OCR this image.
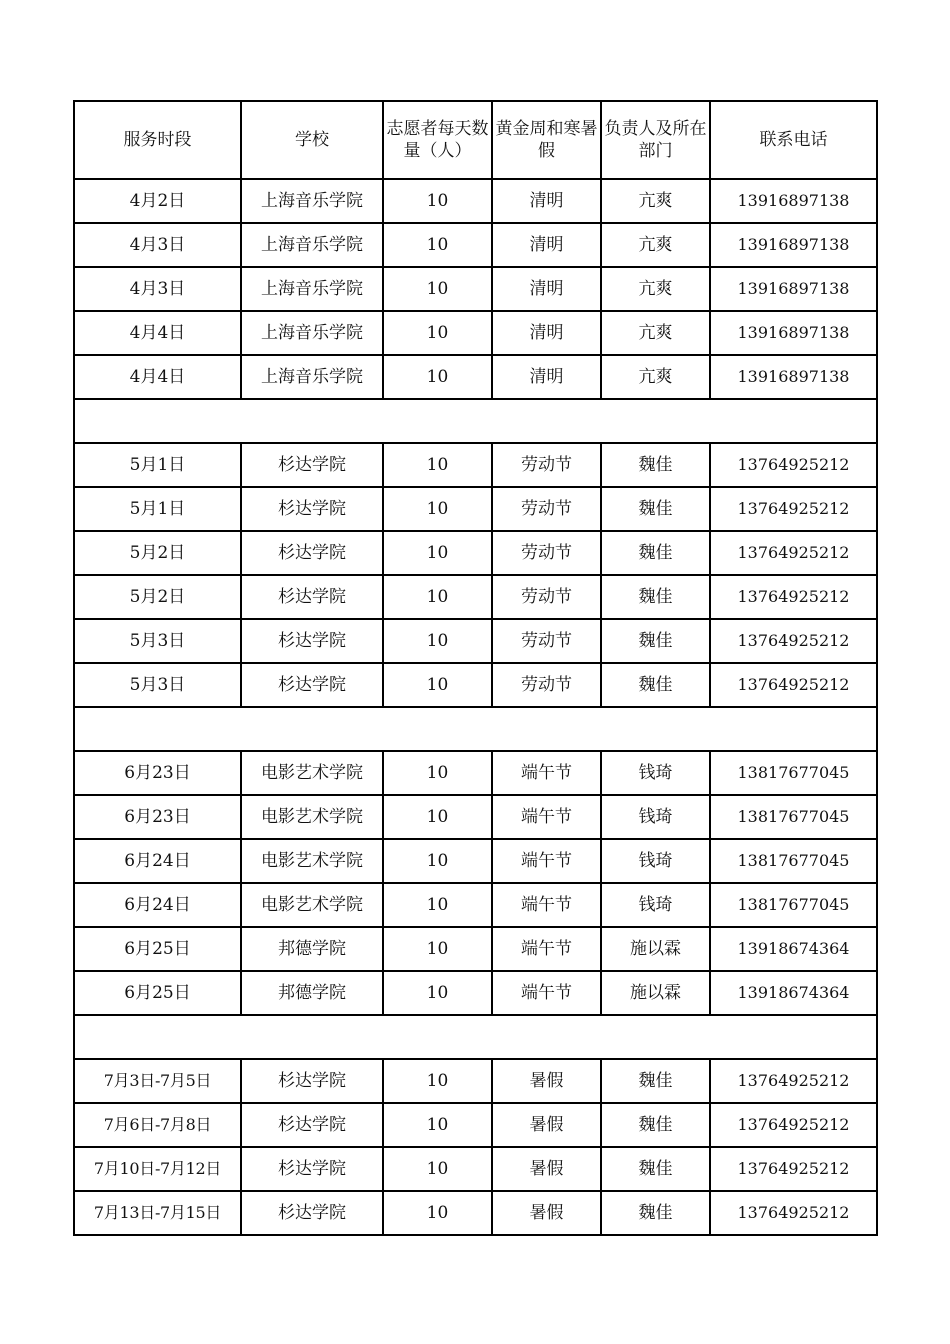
服务时段	学校	志愿者每天数量（人）	黄金周和寒暑假	负责人及所在部门	联系电话
4月2日	上海音乐学院	10	清明	亢爽	13916897138
4月3日	上海音乐学院	10	清明	亢爽	13916897138
4月3日	上海音乐学院	10	清明	亢爽	13916897138
4月4日	上海音乐学院	10	清明	亢爽	13916897138
4月4日	上海音乐学院	10	清明	亢爽	13916897138

5月1日	杉达学院	10	劳动节	魏佳	13764925212
5月1日	杉达学院	10	劳动节	魏佳	13764925212
5月2日	杉达学院	10	劳动节	魏佳	13764925212
5月2日	杉达学院	10	劳动节	魏佳	13764925212
5月3日	杉达学院	10	劳动节	魏佳	13764925212
5月3日	杉达学院	10	劳动节	魏佳	13764925212

6月23日	电影艺术学院	10	端午节	钱琦	13817677045
6月23日	电影艺术学院	10	端午节	钱琦	13817677045
6月24日	电影艺术学院	10	端午节	钱琦	13817677045
6月24日	电影艺术学院	10	端午节	钱琦	13817677045
6月25日	邦德学院	10	端午节	施以霖	13918674364
6月25日	邦德学院	10	端午节	施以霖	13918674364

7月3日-7月5日	杉达学院	10	暑假	魏佳	13764925212
7月6日-7月8日	杉达学院	10	暑假	魏佳	13764925212
7月10日-7月12日	杉达学院	10	暑假	魏佳	13764925212
7月13日-7月15日	杉达学院	10	暑假	魏佳	13764925212
